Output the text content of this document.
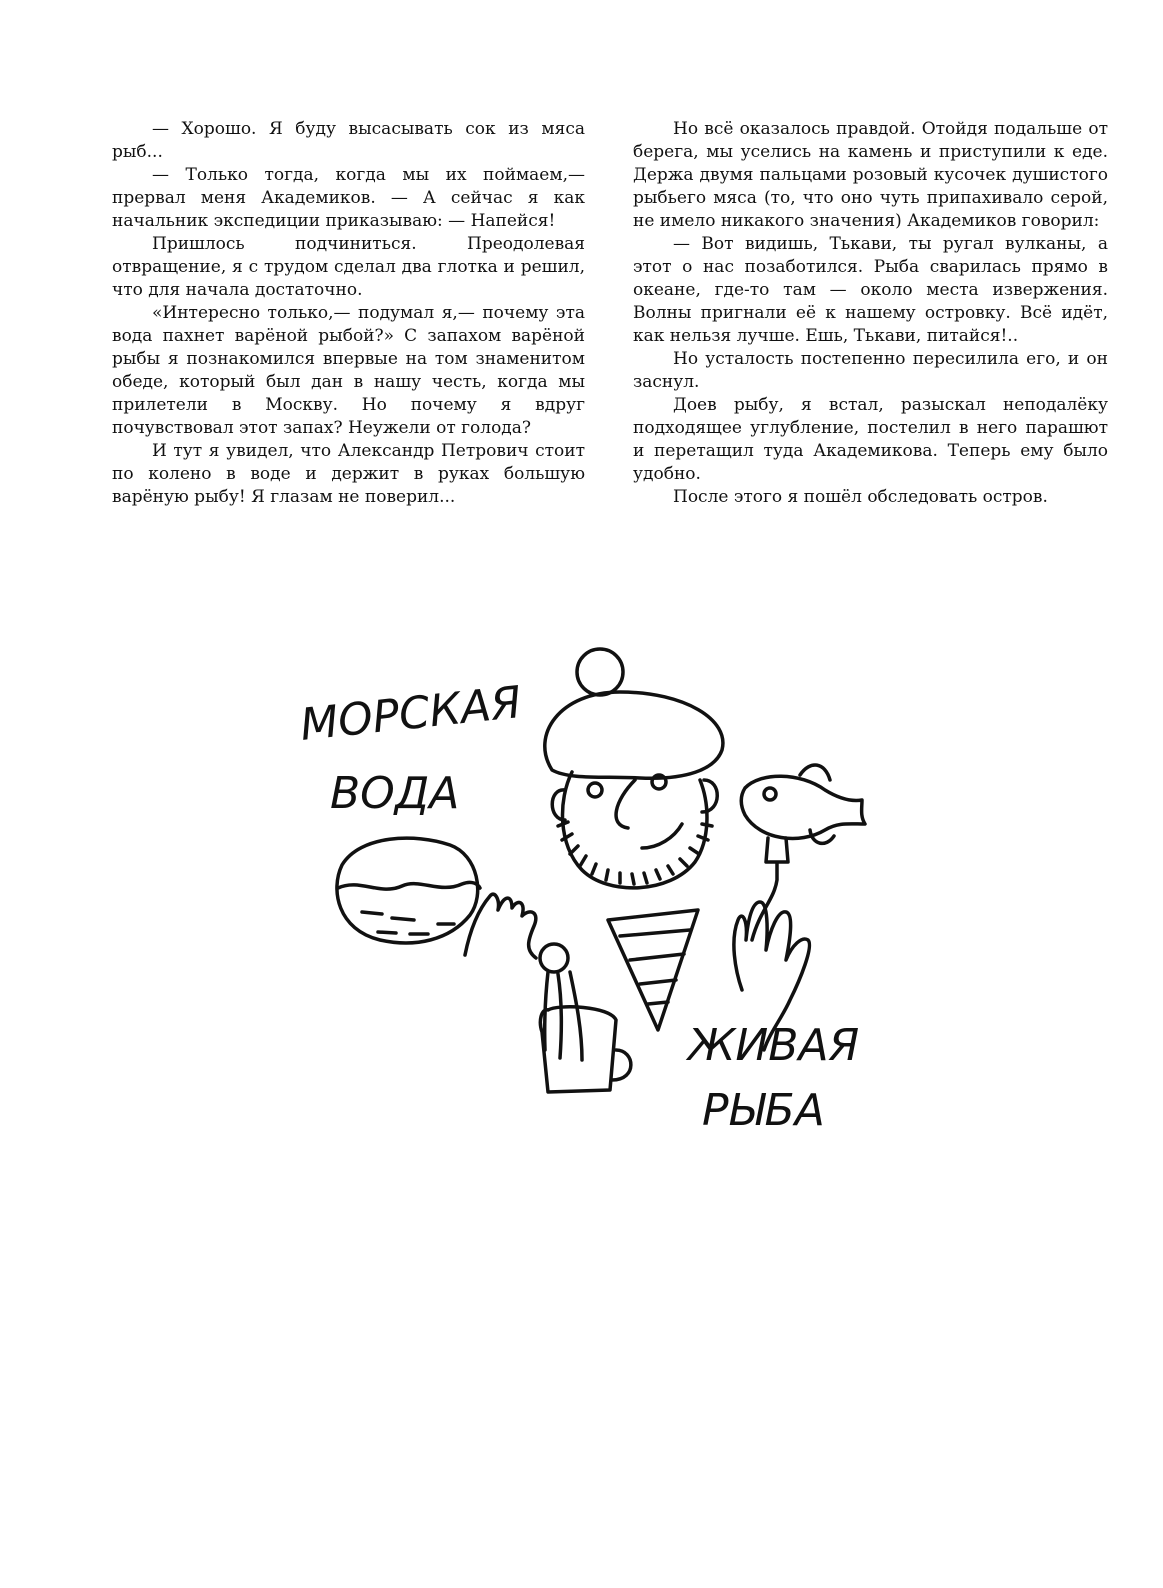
— Хорошо. Я буду высасывать сок из мяса рыб...

— Только тогда, когда мы их поймаем,— прервал меня Академиков. — А сейчас я как начальник экспедиции приказываю: — Напейся!

Пришлось подчиниться. Преодолевая отвращение, я с трудом сделал два глотка и решил, что для начала достаточно.

«Интересно только,— подумал я,— почему эта вода пахнет варёной рыбой?» С запахом варёной рыбы я познакомился впервые на том знаменитом обеде, который был дан в нашу честь, когда мы прилетели в Москву. Но почему я вдруг почувствовал этот запах? Неужели от голода?

И тут я увидел, что Александр Петрович стоит по колено в воде и держит в руках большую варёную рыбу! Я глазам не поверил...

Но всё оказалось правдой. Отойдя подальше от берега, мы уселись на камень и приступили к еде. Держа двумя пальцами розовый кусочек душистого рыбьего мяса (то, что оно чуть припахивало серой, не имело никакого значения) Академиков говорил:

— Вот видишь, Тькави, ты ругал вулканы, а этот о нас позаботился. Рыба сварилась прямо в океане, где-то там — около места извержения. Волны пригнали её к нашему островку. Всё идёт, как нельзя лучше. Ешь, Тькави, питайся!..

Но усталость постепенно пересилила его, и он заснул.

Доев рыбу, я встал, разыскал неподалёку подходящее углубление, постелил в него парашют и перетащил туда Академикова. Теперь ему было удобно.

После этого я пошёл обследовать остров.

МОРСКАЯ
ВОДА
ЖИВАЯ
РЫБА
